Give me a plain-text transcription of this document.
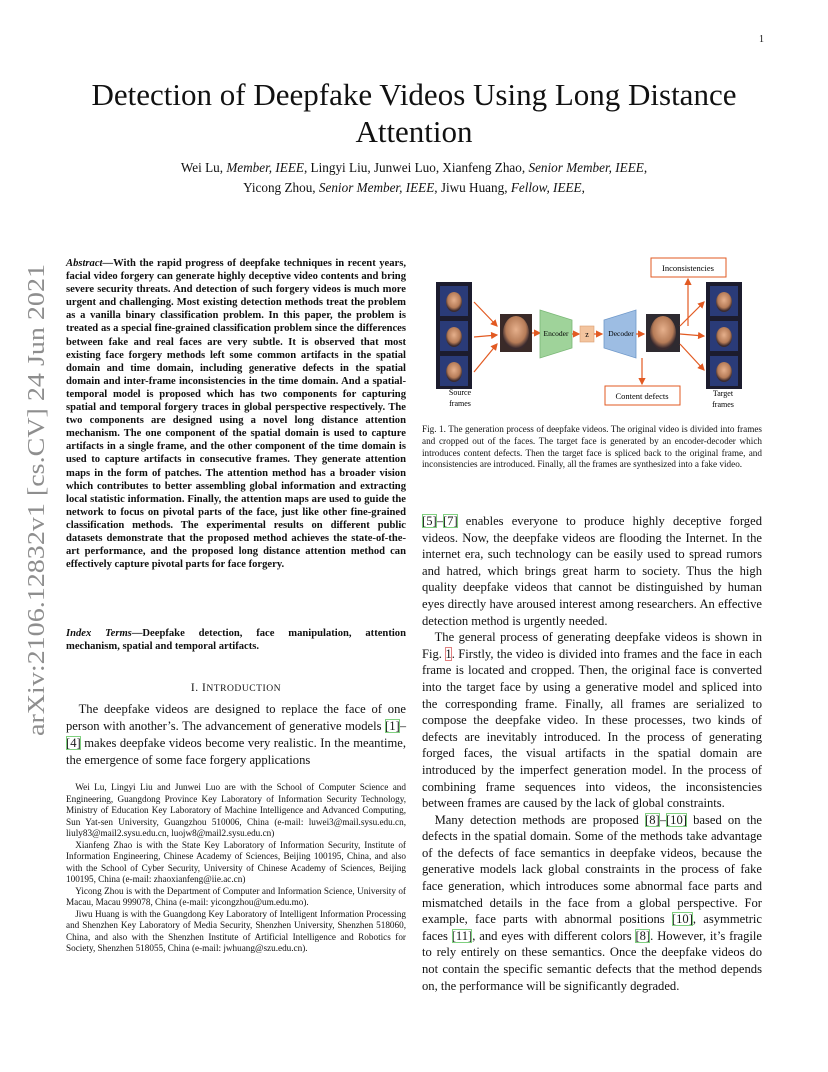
1
Detection of Deepfake Videos Using Long Distance Attention
Wei Lu, Member, IEEE, Lingyi Liu, Junwei Luo, Xianfeng Zhao, Senior Member, IEEE,
Yicong Zhou, Senior Member, IEEE, Jiwu Huang, Fellow, IEEE,
arXiv:2106.12832v1 [cs.CV] 24 Jun 2021
Abstract—With the rapid progress of deepfake techniques in recent years, facial video forgery can generate highly deceptive video contents and bring severe security threats. And detection of such forgery videos is much more urgent and challenging. Most existing detection methods treat the problem as a vanilla binary classification problem. In this paper, the problem is treated as a special fine-grained classification problem since the differences between fake and real faces are very subtle. It is observed that most existing face forgery methods left some common artifacts in the spatial domain and time domain, including generative defects in the spatial domain and inter-frame inconsistencies in the time domain. And a spatial-temporal model is proposed which has two components for capturing spatial and temporal forgery traces in global perspective respectively. The two components are designed using a novel long distance attention mechanism. The one component of the spatial domain is used to capture artifacts in a single frame, and the other component of the time domain is used to capture artifacts in consecutive frames. They generate attention maps in the form of patches. The attention method has a broader vision which contributes to better assembling global information and extracting local statistic information. Finally, the attention maps are used to guide the network to focus on pivotal parts of the face, just like other fine-grained classification methods. The experimental results on different public datasets demonstrate that the proposed method achieves the state-of-the-art performance, and the proposed long distance attention method can effectively capture pivotal parts for face forgery.
Index Terms—Deepfake detection, face manipulation, attention mechanism, spatial and temporal artifacts.
I. INTRODUCTION
The deepfake videos are designed to replace the face of one person with another’s. The advancement of generative models [1]–[4] makes deepfake videos become very realistic. In the meantime, the emergence of some face forgery applications

Wei Lu, Lingyi Liu and Junwei Luo are with the School of Computer Science and Engineering, Guangdong Province Key Laboratory of Information Security Technology, Ministry of Education Key Laboratory of Machine Intelligence and Advanced Computing, Sun Yat-sen University, Guangzhou 510006, China (e-mail: luwei3@mail.sysu.edu.cn, liuly83@mail2.sysu.edu.cn, luojw8@mail2.sysu.edu.cn)

Xianfeng Zhao is with the State Key Laboratory of Information Security, Institute of Information Engineering, Chinese Academy of Sciences, Beijing 100195, China, and also with the School of Cyber Security, University of Chinese Academy of Sciences, Beijing 100195, China (e-mail: zhaoxianfeng@iie.ac.cn)

Yicong Zhou is with the Department of Computer and Information Science, University of Macau, Macau 999078, China (e-mail: yicongzhou@um.edu.mo).

Jiwu Huang is with the Guangdong Key Laboratory of Intelligent Information Processing and Shenzhen Key Laboratory of Media Security, Shenzhen University, Shenzhen 518060, China, and also with the Shenzhen Institute of Artificial Intelligence and Robotics for Society, Shenzhen 518055, China (e-mail: jwhuang@szu.edu.cn).

Encoder z	Decoder
Inconsistencies
Content defects
Source
frames
Target
frames
Fig. 1. The generation process of deepfake videos. The original video is divided into frames and cropped out of the faces. The target face is generated by an encoder-decoder which introduces content defects. Then the target face is spliced back to the original frame, and inconsistencies are introduced. Finally, all the frames are synthesized into a fake video.

[5]–[7] enables everyone to produce highly deceptive forged videos. Now, the deepfake videos are flooding the Internet. In the internet era, such technology can be easily used to spread rumors and hatred, which brings great harm to society. Thus the high quality deepfake videos that cannot be distinguished by human eyes directly have aroused interest among researchers. An effective detection method is urgently needed.

The general process of generating deepfake videos is shown in Fig. 1. Firstly, the video is divided into frames and the face in each frame is located and cropped. Then, the original face is converted into the target face by using a generative model and spliced into the corresponding frame. Finally, all frames are serialized to compose the deepfake video. In these processes, two kinds of defects are inevitably introduced. In the process of generating forged faces, the visual artifacts in the spatial domain are introduced by the imperfect generation model. In the process of combining frame sequences into videos, the inconsistencies between frames are caused by the lack of global constraints.

Many detection methods are proposed [8]–[10] based on the defects in the spatial domain. Some of the methods take advantage of the defects of face semantics in deepfake videos, because the generative models lack global constraints in the process of fake face generation, which introduces some abnormal face parts and mismatched details in the face from a global perspective. For example, face parts with abnormal positions [10], asymmetric faces [11], and eyes with different colors [8]. However, it’s fragile to rely entirely on these semantics. Once the deepfake videos do not contain the specific semantic defects that the method depends on, the performance will be significantly degraded.
